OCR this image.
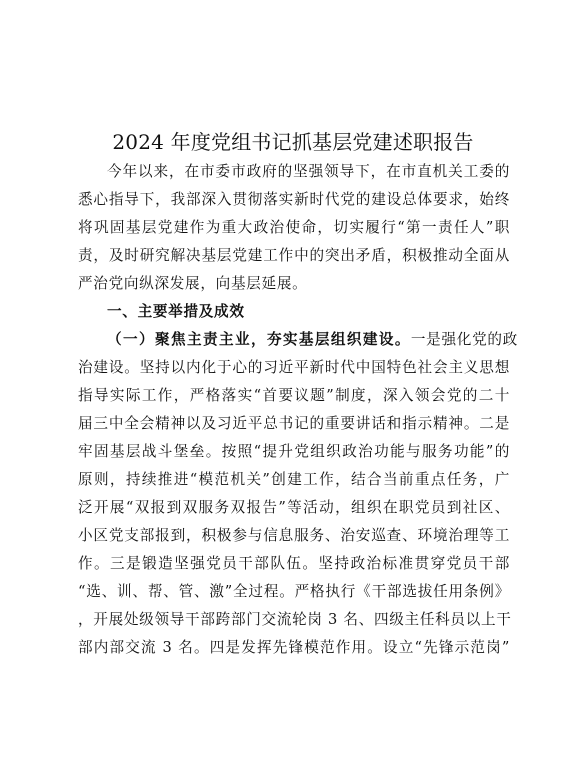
2024 年度党组书记抓基层党建述职报告
今年以来，在市委市政府的坚强领导下，在市直机关工委的
悉心指导下，我部深入贯彻落实新时代党的建设总体要求，始终
将巩固基层党建作为重大政治使命，切实履行“第一责任人”职
责，及时研究解决基层党建工作中的突出矛盾，积极推动全面从
严治党向纵深发展，向基层延展。
一、主要举措及成效
（一）聚焦主责主业，夯实基层组织建设。一是强化党的政
治建设。坚持以内化于心的习近平新时代中国特色社会主义思想
指导实际工作，严格落实“首要议题”制度，深入领会党的二十
届三中全会精神以及习近平总书记的重要讲话和指示精神。二是
牢固基层战斗堡垒。按照“提升党组织政治功能与服务功能”的
原则，持续推进“模范机关”创建工作，结合当前重点任务，广
泛开展“双报到双服务双报告”等活动，组织在职党员到社区、
小区党支部报到，积极参与信息服务、治安巡查、环境治理等工
作。三是锻造坚强党员干部队伍。坚持政治标准贯穿党员干部
“选、训、帮、管、激”全过程。严格执行《干部选拔任用条例》
，开展处级领导干部跨部门交流轮岗 3 名、四级主任科员以上干
部内部交流 3 名。四是发挥先锋模范作用。设立“先锋示范岗”
